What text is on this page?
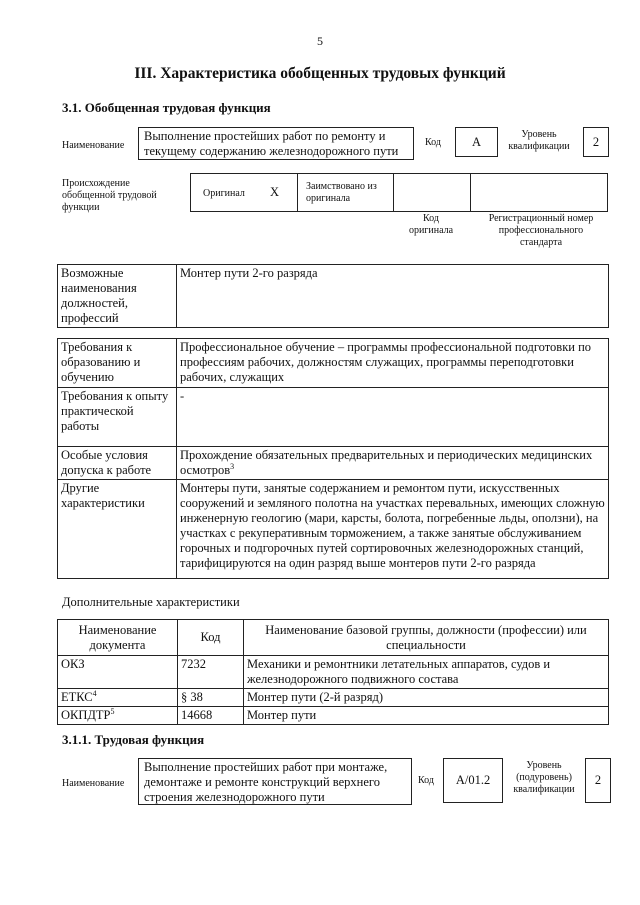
5
III. Характеристика обобщенных трудовых функций
3.1. Обобщенная трудовая функция
Наименование
Выполнение простейших работ по ремонту и текущему содержанию железнодорожного пути
Код	A
Уровень квалификации	2
Происхождение обобщенной трудовой функции
Оригинал X	Заимствовано из оригинала
Код оригинала
Регистрационный номер профессионального стандарта
Возможные наименования должностей, профессий	Монтер пути 2-го разряда
Требования к образованию и обучению	Профессиональное обучение – программы профессиональной подготовки по профессиям рабочих, должностям служащих, программы переподготовки рабочих, служащих
Требования к опыту практической работы	-
Особые условия допуска к работе	Прохождение обязательных предварительных и периодических медицинских осмотров$^3$
Другие характеристики	Монтеры пути, занятые содержанием и ремонтом пути, искусственных сооружений и земляного полотна на участках перевальных, имеющих сложную инженерную геологию (мари, карсты, болота, погребенные льды, оползни), на участках с рекуперативным торможением, а также занятые обслуживанием горочных и подгорочных путей сортировочных железнодорожных станций, тарифицируются на один разряд выше монтеров пути 2-го разряда
Дополнительные характеристики
Наименование документа	Код	Наименование базовой группы, должности (профессии) или специальности
ОКЗ	7232	Механики и ремонтники летательных аппаратов, судов и железнодорожного подвижного состава
ЕТКС$^4$	§ 38	Монтер пути (2-й разряд)
ОКПДТР$^5$	14668	Монтер пути
3.1.1. Трудовая функция
Наименование
Выполнение простейших работ при монтаже, демонтаже и ремонте конструкций верхнего строения железнодорожного пути
Код	A/01.2
Уровень (подуровень) квалификации
2
